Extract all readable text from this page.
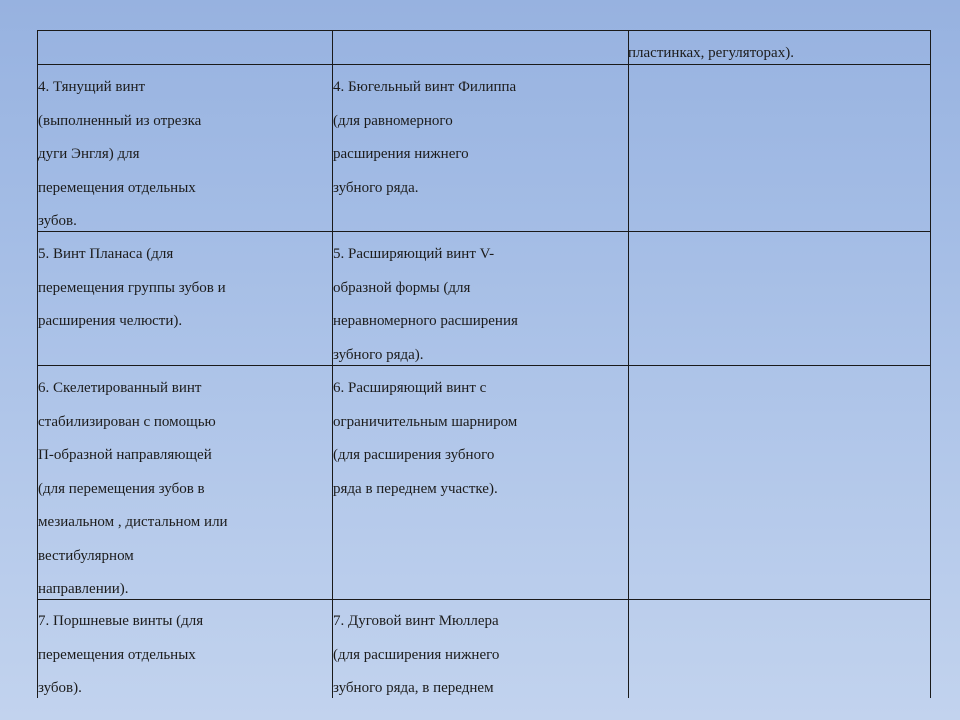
пластинках, регуляторах).
4. Тянущий винт
(выполненный из отрезка
дуги Энгля) для
перемещения отдельных
зубов.
4. Бюгельный винт Филиппа
(для равномерного
расширения нижнего
зубного ряда.
5. Винт Планаса (для
перемещения группы зубов и
расширения челюсти).
5. Расширяющий винт V-
образной формы (для
неравномерного расширения
зубного ряда).
6. Скелетированный винт
стабилизирован с помощью
П-образной направляющей
(для перемещения зубов в
мезиальном , дистальном или
вестибулярном
направлении).
6. Расширяющий винт с
ограничительным шарниром
(для расширения зубного
ряда в переднем участке).
7. Поршневые винты (для
перемещения отдельных
зубов).
7. Дуговой винт Мюллера
(для расширения нижнего
зубного ряда, в переднем
